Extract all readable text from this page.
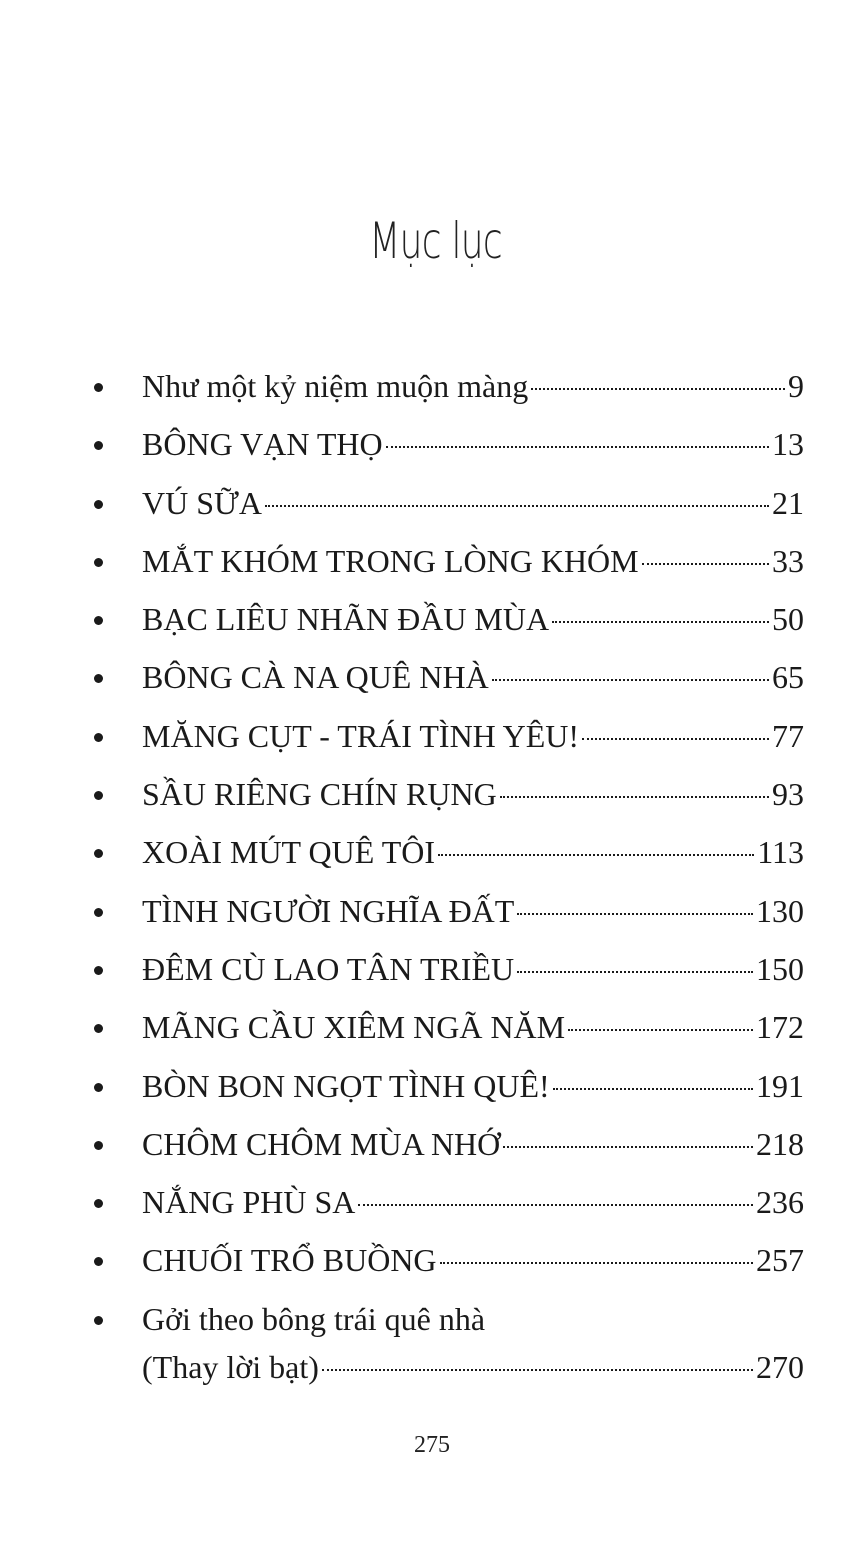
Mục lục
Như một kỷ niệm muộn màng	9
BÔNG VẠN THỌ	13
VÚ SỮA	21
MẮT KHÓM TRONG LÒNG KHÓM	33
BẠC LIÊU NHÃN ĐẦU MÙA	50
BÔNG CÀ NA QUÊ NHÀ	65
MĂNG CỤT - TRÁI TÌNH YÊU!	77
SẦU RIÊNG CHÍN RỤNG	93
XOÀI MÚT QUÊ TÔI	113
TÌNH NGƯỜI NGHĨA ĐẤT	130
ĐÊM CÙ LAO TÂN TRIỀU	150
MÃNG CẦU XIÊM NGÃ NĂM	172
BÒN BON NGỌT TÌNH QUÊ!	191
CHÔM CHÔM MÙA NHỚ	218
NẮNG PHÙ SA	236
CHUỐI TRỔ BUỒNG	257
Gởi theo bông trái quê nhà
(Thay lời bạt)	270
275
